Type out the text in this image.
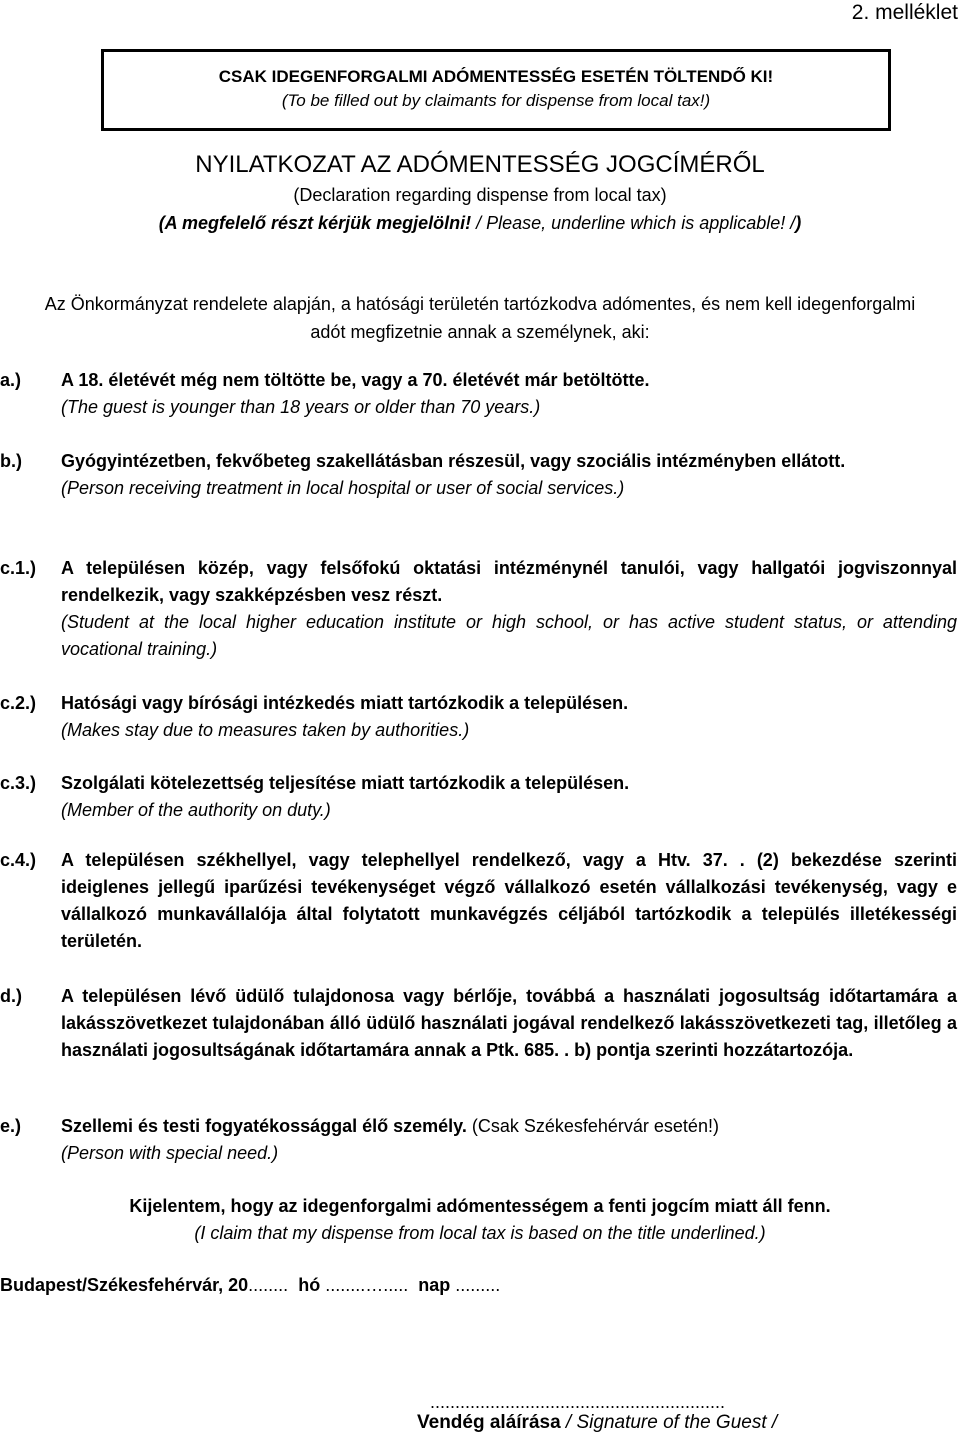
2. melléklet
CSAK IDEGENFORGALMI ADÓMENTESSÉG ESETÉN TÖLTENDŐ KI!
(To be filled out by claimants for dispense from local tax!)
NYILATKOZAT AZ ADÓMENTESSÉG JOGCÍMÉRŐL
(Declaration regarding dispense from local tax)
(A megfelelő részt kérjük megjelölni! / Please, underline which is applicable! /)
Az Önkormányzat rendelete alapján, a hatósági területén tartózkodva adómentes, és nem kell idegenforgalmi
adót megfizetnie annak a személynek, aki:
a.) A 18. életévét még nem töltötte be, vagy a 70. életévét már betöltötte.
(The guest is younger than 18 years or older than 70 years.)
b.) Gyógyintézetben, fekvőbeteg szakellátásban részesül, vagy szociális intézményben ellátott.
(Person receiving treatment in local hospital or user of social services.)
c.1.) A településen közép, vagy felsőfokú oktatási intézménynél tanulói, vagy hallgatói jogviszonnyal rendelkezik, vagy szakképzésben vesz részt.
(Student at the local higher education institute or high school, or has active student status, or attending vocational training.)
c.2.) Hatósági vagy bírósági intézkedés miatt tartózkodik a településen.
(Makes stay due to measures taken by authorities.)
c.3.) Szolgálati kötelezettség teljesítése miatt tartózkodik a településen.
(Member of the authority on duty.)
c.4.) A településen székhellyel, vagy telephellyel rendelkező, vagy a Htv. 37. . (2) bekezdése szerinti ideiglenes jellegű iparűzési tevékenységet végző vállalkozó esetén vállalkozási tevékenység, vagy e vállalkozó munkavállalója által folytatott munkavégzés céljából tartózkodik a település illetékességi területén.
d.) A településen lévő üdülő tulajdonosa vagy bérlője, továbbá a használati jogosultság időtartamára a lakásszövetkezet tulajdonában álló üdülő használati jogával rendelkező lakásszövetkezeti tag, illetőleg a használati jogosultságának időtartamára annak a Ptk. 685. . b) pontja szerinti hozzátartozója.
e.) Szellemi és testi fogyatékossággal élő személy. (Csak Székesfehérvár esetén!)
(Person with special need.)
Kijelentem, hogy az idegenforgalmi adómentességem a fenti jogcím miatt áll fenn.
(I claim that my dispense from local tax is based on the title underlined.)
Budapest/Székesfehérvár, 20........ hó ........…..... nap .........
...........................................................
Vendég aláírása / Signature of the Guest /
